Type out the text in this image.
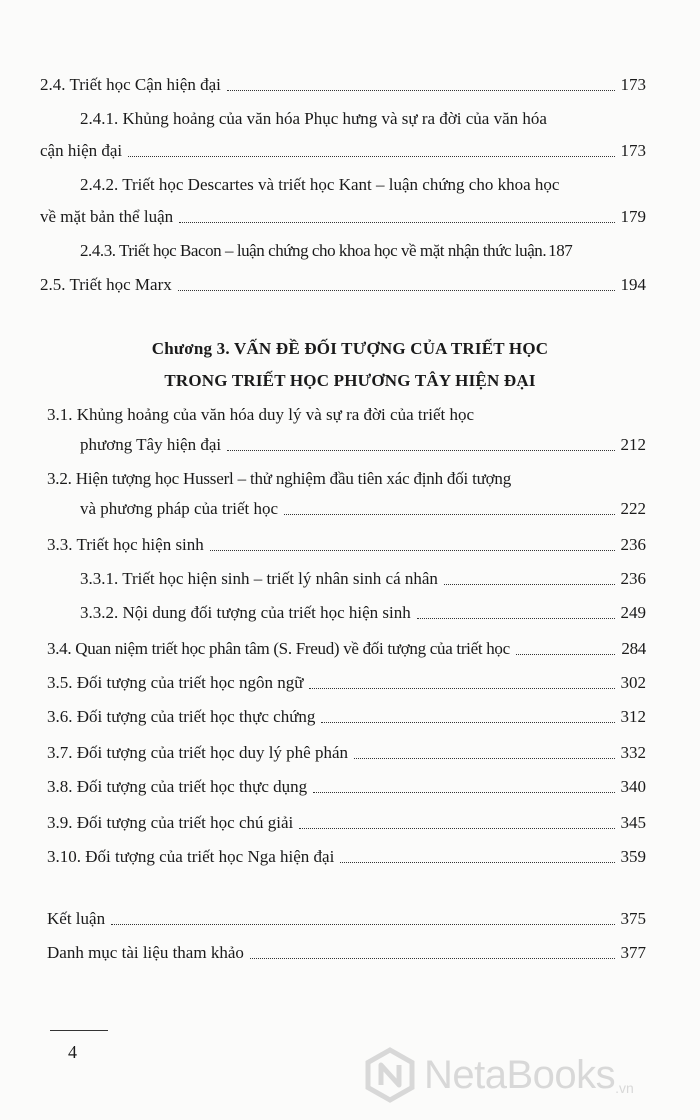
2.4. Triết học Cận hiện đại	173
2.4.1. Khủng hoảng của văn hóa Phục hưng và sự ra đời của văn hóa
cận hiện đại	173
2.4.2. Triết học Descartes và triết học Kant – luận chứng cho khoa học
về mặt bản thể luận	179
2.4.3. Triết học Bacon – luận chứng cho khoa học về mặt nhận thức luận. 187
2.5. Triết học Marx	194
Chương 3. VẤN ĐỀ ĐỐI TƯỢNG CỦA TRIẾT HỌC
TRONG TRIẾT HỌC PHƯƠNG TÂY HIỆN ĐẠI
3.1. Khủng hoảng của văn hóa duy lý và sự ra đời của triết học
phương Tây hiện đại	212
3.2. Hiện tượng học Husserl – thử nghiệm đầu tiên xác định đối tượng
và phương pháp của triết học	222
3.3. Triết học hiện sinh	236
3.3.1. Triết học hiện sinh – triết lý nhân sinh cá nhân	236
3.3.2. Nội dung đối tượng của triết học hiện sinh	249
3.4. Quan niệm triết học phân tâm (S. Freud) về đối tượng của triết học	284
3.5. Đối tượng của triết học ngôn ngữ	302
3.6. Đối tượng của triết học thực chứng	312
3.7. Đối tượng của triết học duy lý phê phán	332
3.8. Đối tượng của triết học thực dụng	340
3.9. Đối tượng của triết học chú giải	345
3.10. Đối tượng của triết học Nga hiện đại	359
Kết luận	375
Danh mục tài liệu tham khảo	377
4
NetaBooks .vn
